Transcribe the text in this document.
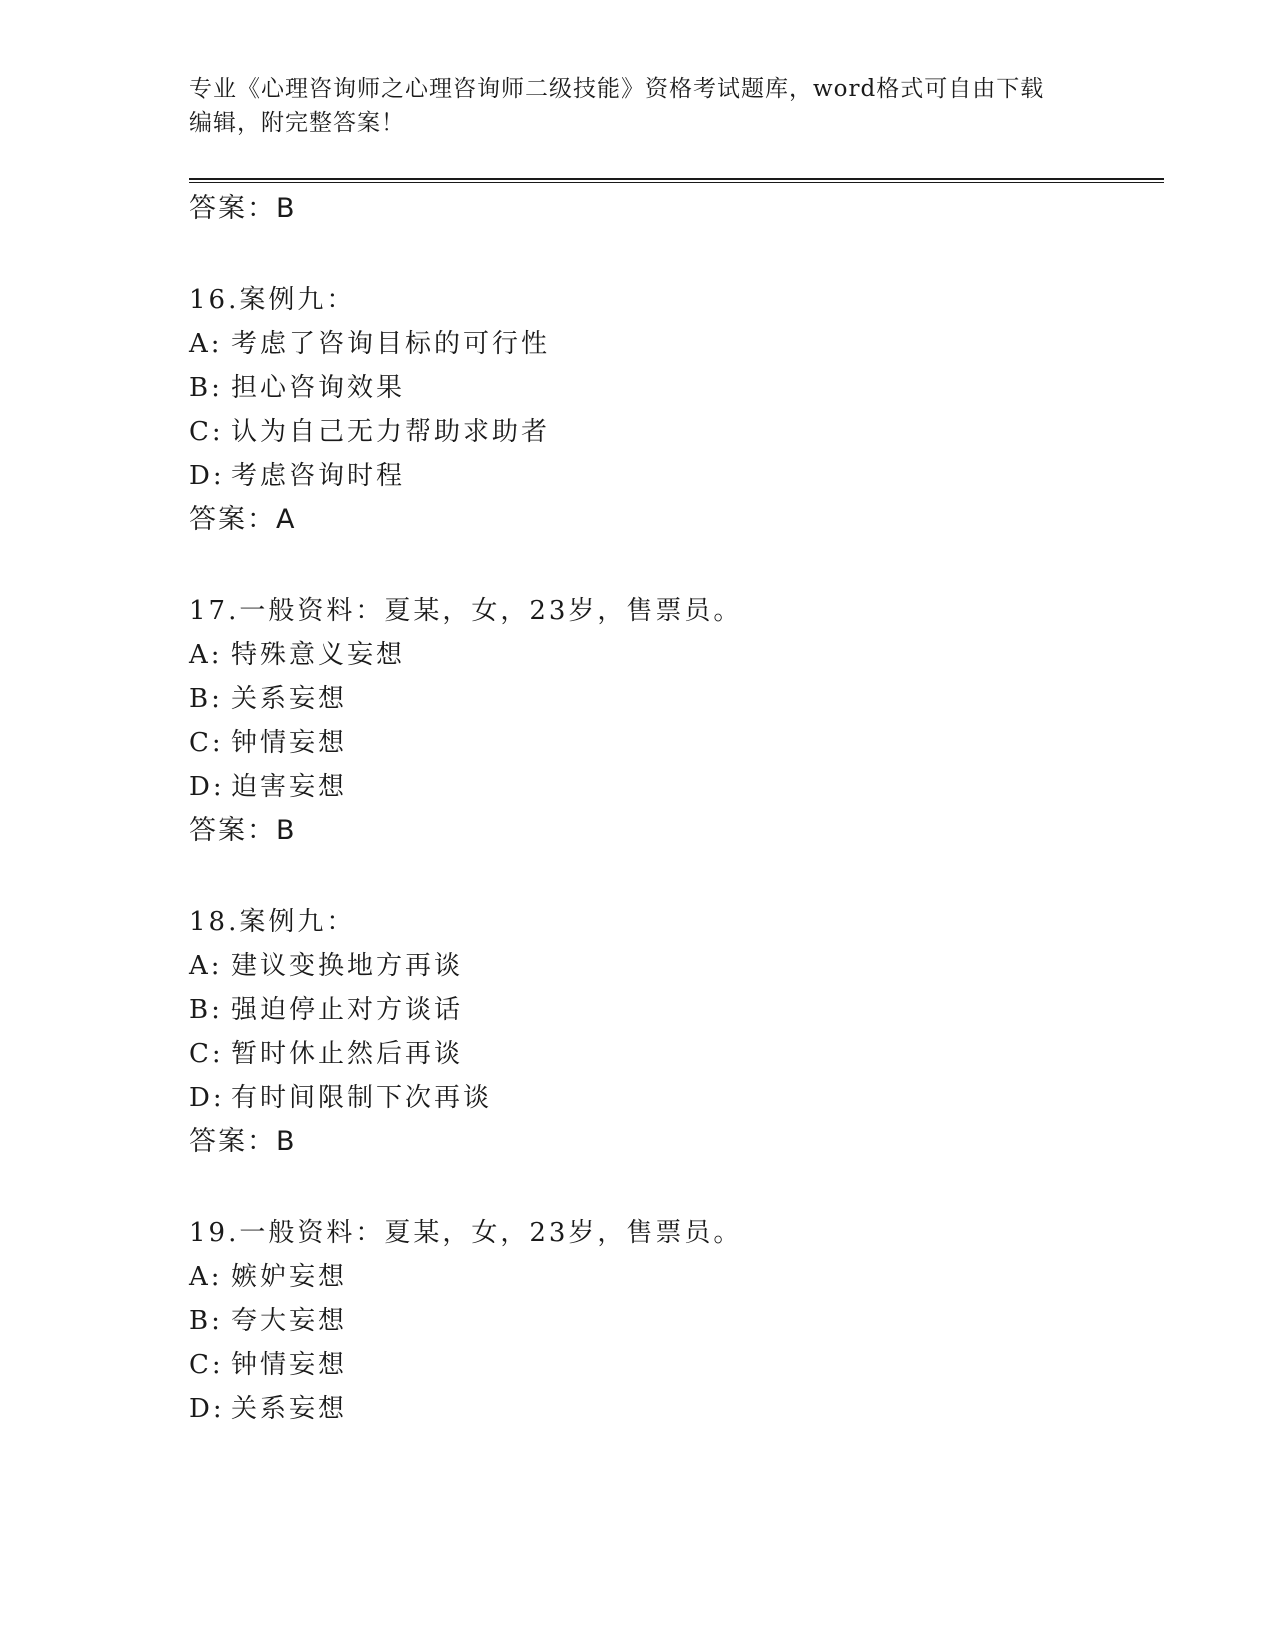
专业《心理咨询师之心理咨询师二级技能》资格考试题库，word格式可自由下载
编辑，附完整答案！
答案：B
16.案例九：
A: 考虑了咨询目标的可行性
B: 担心咨询效果
C: 认为自己无力帮助求助者
D: 考虑咨询时程
答案：A
17.一般资料：夏某，女，23岁，售票员。
A: 特殊意义妄想
B: 关系妄想
C: 钟情妄想
D: 迫害妄想
答案：B
18.案例九：
A: 建议变换地方再谈
B: 强迫停止对方谈话
C: 暂时休止然后再谈
D: 有时间限制下次再谈
答案：B
19.一般资料：夏某，女，23岁，售票员。
A: 嫉妒妄想
B: 夸大妄想
C: 钟情妄想
D: 关系妄想
